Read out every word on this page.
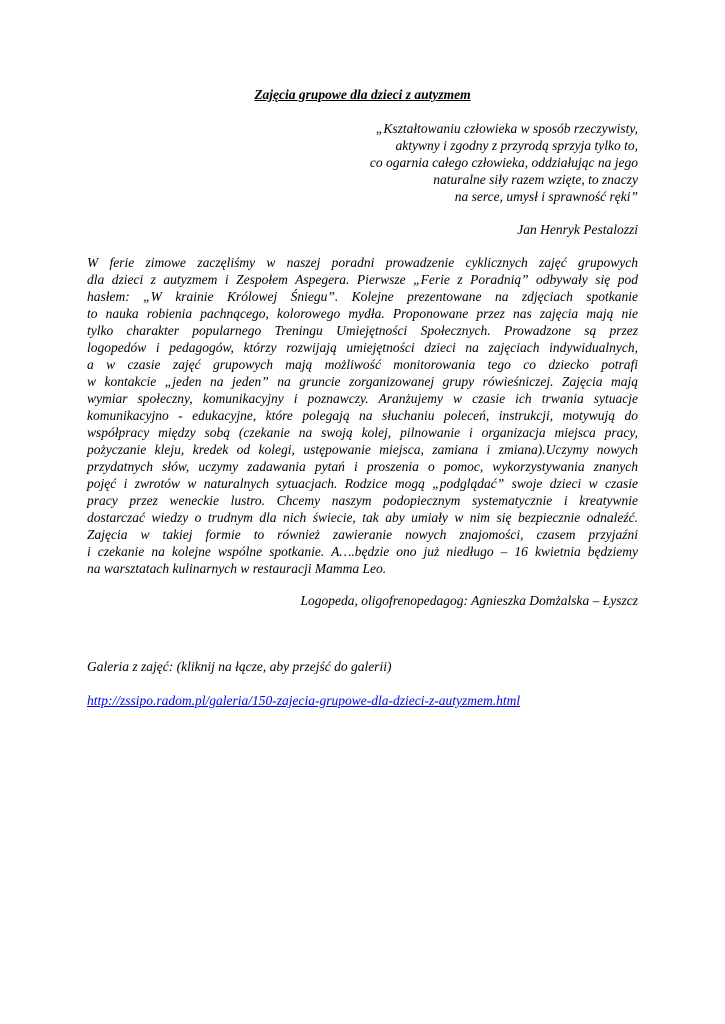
Zajęcia grupowe dla dzieci z autyzmem
„Kształtowaniu człowieka w sposób rzeczywisty,
aktywny i zgodny z przyrodą sprzyja tylko to,
co ogarnia całego człowieka, oddziałując na jego
naturalne siły razem wzięte, to znaczy
na serce, umysł i sprawność ręki”
Jan Henryk Pestalozzi
W ferie zimowe zaczęliśmy w naszej poradni prowadzenie cyklicznych zajęć grupowych
dla dzieci z autyzmem i Zespołem Aspegera. Pierwsze „Ferie z Poradnią” odbywały się pod
hasłem: „W krainie Królowej Śniegu”. Kolejne prezentowane na zdjęciach spotkanie
to nauka robienia pachnącego, kolorowego mydła. Proponowane przez nas zajęcia mają nie
tylko charakter popularnego Treningu Umiejętności Społecznych. Prowadzone są przez
logopedów i pedagogów, którzy rozwijają umiejętności dzieci na zajęciach indywidualnych,
a w czasie zajęć grupowych mają możliwość monitorowania tego co dziecko potrafi
w kontakcie „jeden na jeden” na gruncie zorganizowanej grupy rówieśniczej. Zajęcia mają
wymiar społeczny, komunikacyjny i poznawczy. Aranżujemy w czasie ich trwania sytuacje
komunikacyjno - edukacyjne, które polegają na słuchaniu poleceń, instrukcji, motywują do
współpracy między sobą (czekanie na swoją kolej, pilnowanie i organizacja miejsca pracy,
pożyczanie kleju, kredek od kolegi, ustępowanie miejsca, zamiana i zmiana).Uczymy nowych
przydatnych słów, uczymy zadawania pytań i proszenia o pomoc, wykorzystywania znanych
pojęć i zwrotów w naturalnych sytuacjach. Rodzice mogą „podglądać” swoje dzieci w czasie
pracy przez weneckie lustro. Chcemy naszym podopiecznym systematycznie i kreatywnie
dostarczać wiedzy o trudnym dla nich świecie, tak aby umiały w nim się bezpiecznie odnaleźć.
Zajęcia w takiej formie to również zawieranie nowych znajomości, czasem przyjaźni
i czekanie na kolejne wspólne spotkanie. A….będzie ono już niedługo – 16 kwietnia będziemy
na warsztatach kulinarnych w restauracji Mamma Leo.
Logopeda, oligofrenopedagog: Agnieszka Domżalska – Łyszcz
Galeria z zajęć: (kliknij na łącze, aby przejść do galerii)
http://zssipo.radom.pl/galeria/150-zajecia-grupowe-dla-dzieci-z-autyzmem.html
